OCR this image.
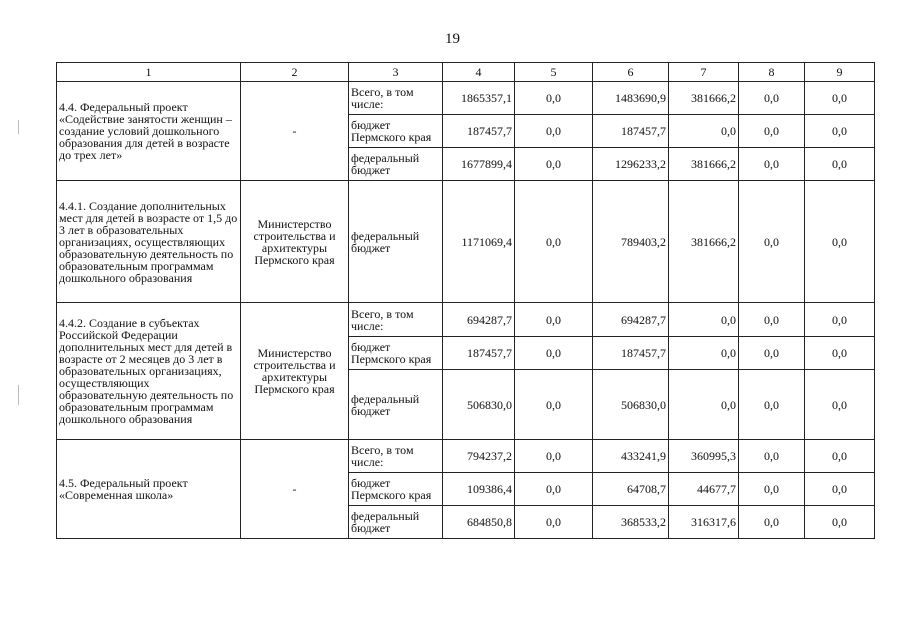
19
1	2	3	4	5	6	7	8	9
4.4. Федеральный проект «Содействие занятости женщин – создание условий дошкольного образования для детей в возрасте до трех лет»	-	Всего, в том числе:	1865357,1	0,0	1483690,9	381666,2	0,0	0,0
		бюджет Пермского края	187457,7	0,0	187457,7	0,0	0,0	0,0
		федеральный бюджет	1677899,4	0,0	1296233,2	381666,2	0,0	0,0
4.4.1. Создание дополнительных мест для детей в возрасте от 1,5 до 3 лет в образовательных организациях, осуществляющих образовательную деятельность по образовательным программам дошкольного образования	Министерство строительства и архитектуры Пермского края	федеральный бюджет	1171069,4	0,0	789403,2	381666,2	0,0	0,0
4.4.2. Создание в субъектах Российской Федерации дополнительных мест для детей в возрасте от 2 месяцев до 3 лет в образовательных организациях, осуществляющих образовательную деятельность по образовательным программам дошкольного образования	Министерство строительства и архитектуры Пермского края	Всего, в том числе:	694287,7	0,0	694287,7	0,0	0,0	0,0
		бюджет Пермского края	187457,7	0,0	187457,7	0,0	0,0	0,0
		федеральный бюджет	506830,0	0,0	506830,0	0,0	0,0	0,0
4.5. Федеральный проект «Современная школа»	-	Всего, в том числе:	794237,2	0,0	433241,9	360995,3	0,0	0,0
		бюджет Пермского края	109386,4	0,0	64708,7	44677,7	0,0	0,0
		федеральный бюджет	684850,8	0,0	368533,2	316317,6	0,0	0,0
